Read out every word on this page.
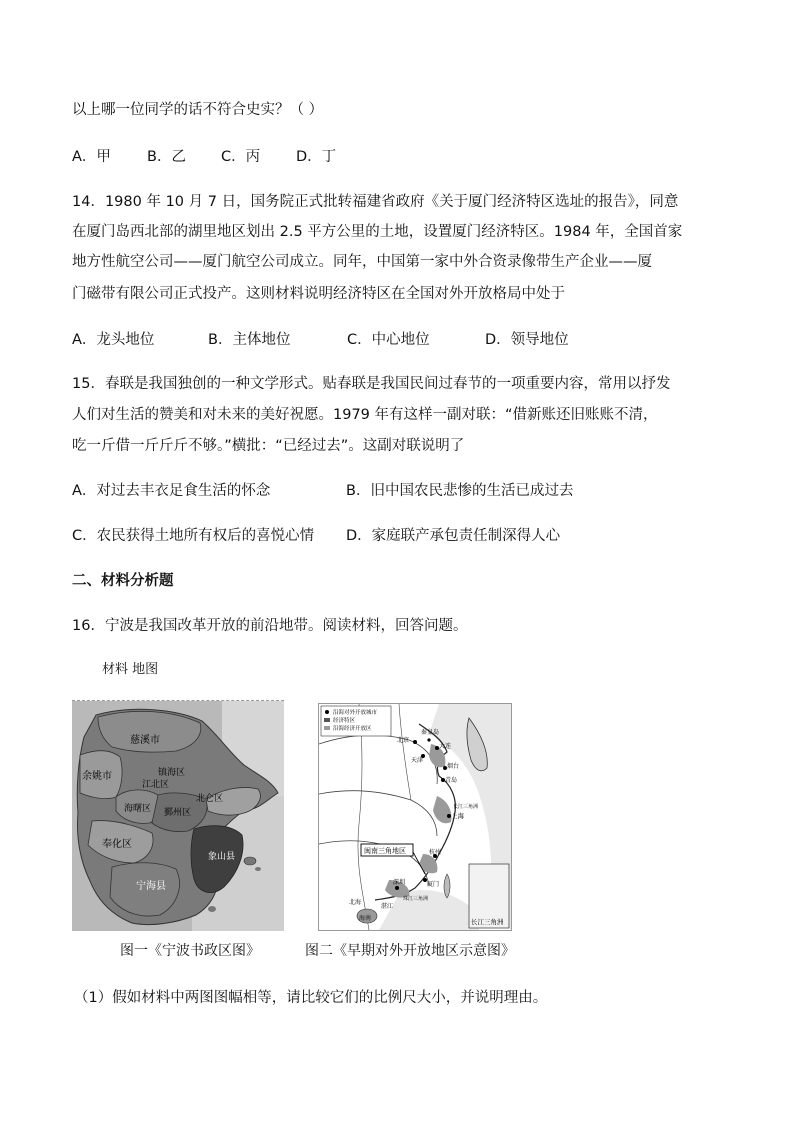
以上哪一位同学的话不符合史实？（ ）
A．甲 B．乙 C．丙 D．丁
14．1980 年 10 月 7 日，国务院正式批转福建省政府《关于厦门经济特区选址的报告》，同意
在厦门岛西北部的湖里地区划出 2.5 平方公里的土地，设置厦门经济特区。1984 年，全国首家
地方性航空公司——厦门航空公司成立。同年，中国第一家中外合资录像带生产企业——厦
门磁带有限公司正式投产。这则材料说明经济特区在全国对外开放格局中处于
A．龙头地位	B．主体地位	C．中心地位	D．领导地位
15．春联是我国独创的一种文学形式。贴春联是我国民间过春节的一项重要内容，常用以抒发
人们对生活的赞美和对未来的美好祝愿。1979 年有这样一副对联：“借新账还旧账账不清，
吃一斤借一斤斤斤不够。”横批：“已经过去”。这副对联说明了
A．对过去丰衣足食生活的怀念	B．旧中国农民悲惨的生活已成过去
C．农民获得土地所有权后的喜悦心情 D．家庭联产承包责任制深得人心
二、材料分析题
16．宁波是我国改革开放的前沿地带。阅读材料，回答问题。
材料 地图
慈溪市
余姚市	镇海区
江北区
海曙区 鄞州区
北仑区
奉化区
象山县
宁海县
图一《宁波书政区图》
长江三角洲
沿海对外开放城市
经济特区
沿海经济开放区
北京
大连
天津
秦皇岛
烟台
青岛
上海
长江三角洲
杭州
厦门
深圳
湛江
北海
海南
珠江三角洲
闽南三角地区
图二《早期对外开放地区示意图》
（1）假如材料中两图图幅相等，请比较它们的比例尺大小，并说明理由。
